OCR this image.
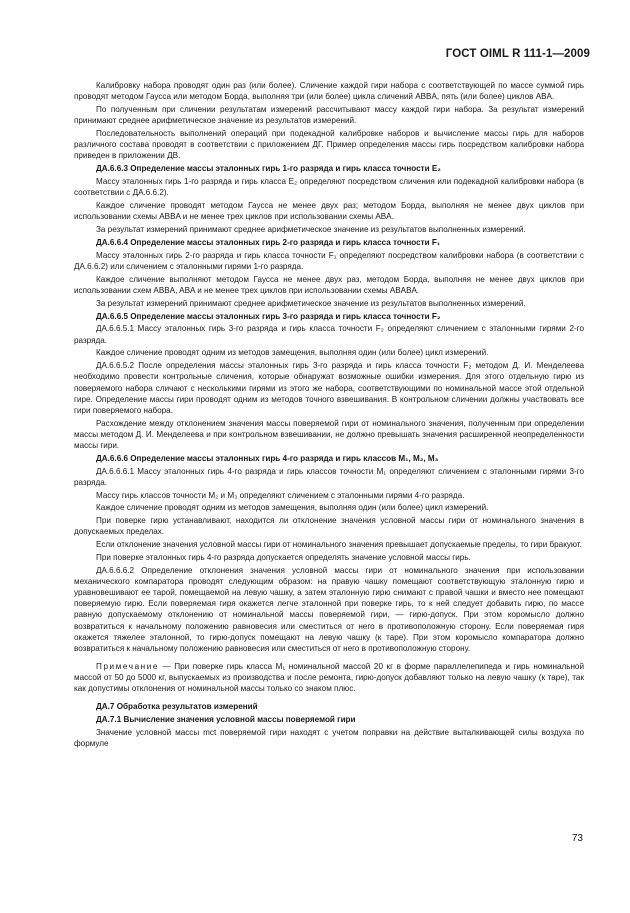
ГОСТ OIML R 111-1—2009

Калибровку набора проводят один раз (или более). Сличение каждой гири набора с соответствующей по массе суммой гирь проводят методом Гаусса или методом Борда, выполняя три (или более) цикла сличений ABBA, пять (или более) циклов ABA.

По полученным при сличении результатам измерений рассчитывают массу каждой гири набора. За результат измерений принимают среднее арифметическое значение из результатов измерений.

Последовательность выполнений операций при подекадной калибровке наборов и вычисление массы гирь для наборов различного состава проводят в соответствии с приложением ДГ. Пример определения массы гирь посредством калибровки набора приведен в приложении ДВ.

ДА.6.6.3 Определение массы эталонных гирь 1-го разряда и гирь класса точности E₂

Массу эталонных гирь 1-го разряда и гирь класса E₂ определяют посредством сличения или подекадной калибровки набора (в соответствии с ДА.6.6.2).

Каждое сличение проводят методом Гаусса не менее двух раз; методом Борда, выполняя не менее двух циклов при использовании схемы ABBA и не менее трех циклов при использовании схемы ABA.

За результат измерений принимают среднее арифметическое значение из результатов выполненных измерений.

ДА.6.6.4 Определение массы эталонных гирь 2-го разряда и гирь класса точности F₁

Массу эталонных гирь 2-го разряда и гирь класса точности F₁ определяют посредством калибровки набора (в соответствии с ДА.6.6.2) или сличением с эталонными гирями 1-го разряда.

Каждое сличение выполняют методом Гаусса не менее двух раз, методом Борда, выполняя не менее двух циклов при использовании схем ABBA, ABA и не менее трех циклов при использовании схемы ABABA.

За результат измерений принимают среднее арифметическое значение из результатов выполненных измерений.

ДА.6.6.5 Определение массы эталонных гирь 3-го разряда и гирь класса точности F₂

ДА.6.6.5.1 Массу эталонных гирь 3-го разряда и гирь класса точности F₂ определяют сличением с эталонными гирями 2-го разряда.

Каждое сличение проводят одним из методов замещения, выполняя один (или более) цикл измерений.

ДА.6.6.5.2 После определения массы эталонных гирь 3-го разряда и гирь класса точности F₂ методом Д. И. Менделеева необходимо провести контрольные сличения, которые обнаружат возможные ошибки измерения. Для этого отдельную гирю из поверяемого набора сличают с несколькими гирями из этого же набора, соответствующими по номинальной массе этой отдельной гире. Определение массы гири проводят одним из методов точного взвешивания. В контрольном сличении должны участвовать все гири поверяемого набора.

Расхождение между отклонением значения массы поверяемой гири от номинального значения, полученным при определении массы методом Д. И. Менделеева и при контрольном взвешивании, не должно превышать значения расширенной неопределенности массы гири.

ДА.6.6.6 Определение массы эталонных гирь 4-го разряда и гирь классов M₁, M₂, M₃

ДА.6.6.6.1 Массу эталонных гирь 4-го разряда и гирь классов точности M₁ определяют сличением с эталонными гирями 3-го разряда.

Массу гирь классов точности M₂ и M₃ определяют сличением с эталонными гирями 4-го разряда.

Каждое сличение проводят одним из методов замещения, выполняя один (или более) цикл измерений.

При поверке гирю устанавливают, находится ли отклонение значения условной массы гири от номинального значения в допускаемых пределах.

Если отклонение значения условной массы гири от номинального значения превышает допускаемые пределы, то гири бракуют.

При поверке эталонных гирь 4-го разряда допускается определять значение условной массы гирь.

ДА.6.6.6.2 Определение отклонения значения условной массы гири от номинального значения при использовании механического компаратора проводят следующим образом: на правую чашку помещают соответствующую эталонную гирю и уравновешивают ее тарой, помещаемой на левую чашку, а затем эталонную гирю снимают с правой чашки и вместо нее помещают поверяемую гирю. Если поверяемая гиря окажется легче эталонной при поверке гирь, то к ней следует добавить гирю, по массе равную допускаемому отклонению от номинальной массы поверяемой гири, — гирю-допуск. При этом коромысло должно возвратиться к начальному положению равновесия или сместиться от него в противоположную сторону. Если поверяемая гиря окажется тяжелее эталонной, то гирю-допуск помещают на левую чашку (к таре). При этом коромысло компаратора должно возвратиться к начальному положению равновесия или сместиться от него в противоположную сторону.

Примечание — При поверке гирь класса M₁ номинальной массой 20 кг в форме параллелепипеда и гирь номинальной массой от 50 до 5000 кг, выпускаемых из производства и после ремонта, гирю-допуск добавляют только на левую чашку (к таре), так как допустимы отклонения от номинальной массы только со знаком плюс.

ДА.7 Обработка результатов измерений

ДА.7.1 Вычисление значения условной массы поверяемой гири

Значение условной массы mct поверяемой гири находят с учетом поправки на действие выталкивающей силы воздуха по формуле

73
